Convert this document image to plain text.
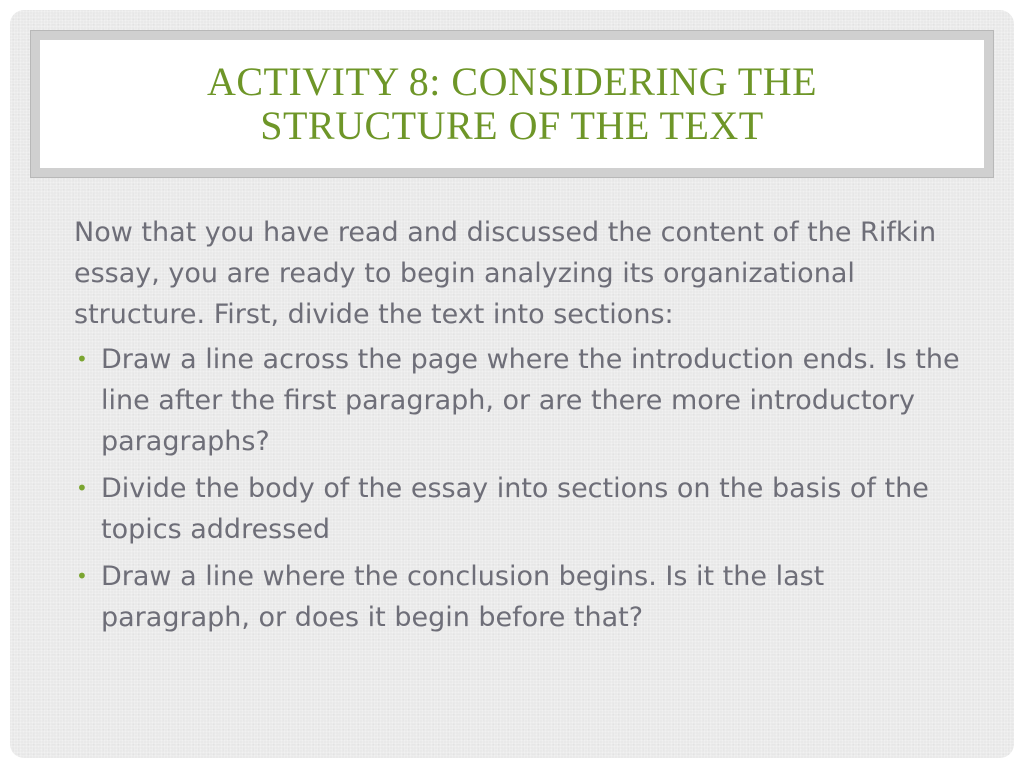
ACTIVITY 8: CONSIDERING THE
STRUCTURE OF THE TEXT

Now that you have read and discussed the content of the Rifkin essay, you are ready to begin analyzing its organizational structure. First, divide the text into sections:

• Draw a line across the page where the introduction ends. Is the line after the first paragraph, or are there more introductory paragraphs?
• Divide the body of the essay into sections on the basis of the topics addressed
• Draw a line where the conclusion begins. Is it the last paragraph, or does it begin before that?
